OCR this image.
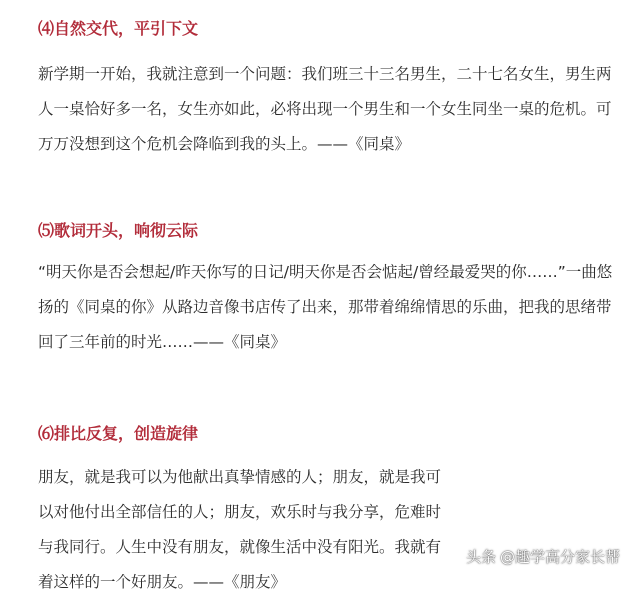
⑷自然交代，平引下文

新学期一开始，我就注意到一个问题：我们班三十三名男生，二十七名女生，男生两人一桌恰好多一名，女生亦如此，必将出现一个男生和一个女生同坐一桌的危机。可万万没想到这个危机会降临到我的头上。——《同桌》

⑸歌词开头，响彻云际

“明天你是否会想起/昨天你写的日记/明天你是否会惦起/曾经最爱哭的你……”一曲悠扬的《同桌的你》从路边音像书店传了出来，那带着绵绵情思的乐曲，把我的思绪带回了三年前的时光……——《同桌》

⑹排比反复，创造旋律

朋友，就是我可以为他献出真挚情感的人；朋友，就是我可以对他付出全部信任的人；朋友，欢乐时与我分享，危难时与我同行。人生中没有朋友，就像生活中没有阳光。我就有着这样的一个好朋友。——《朋友》

头条 @趣学高分家长帮
